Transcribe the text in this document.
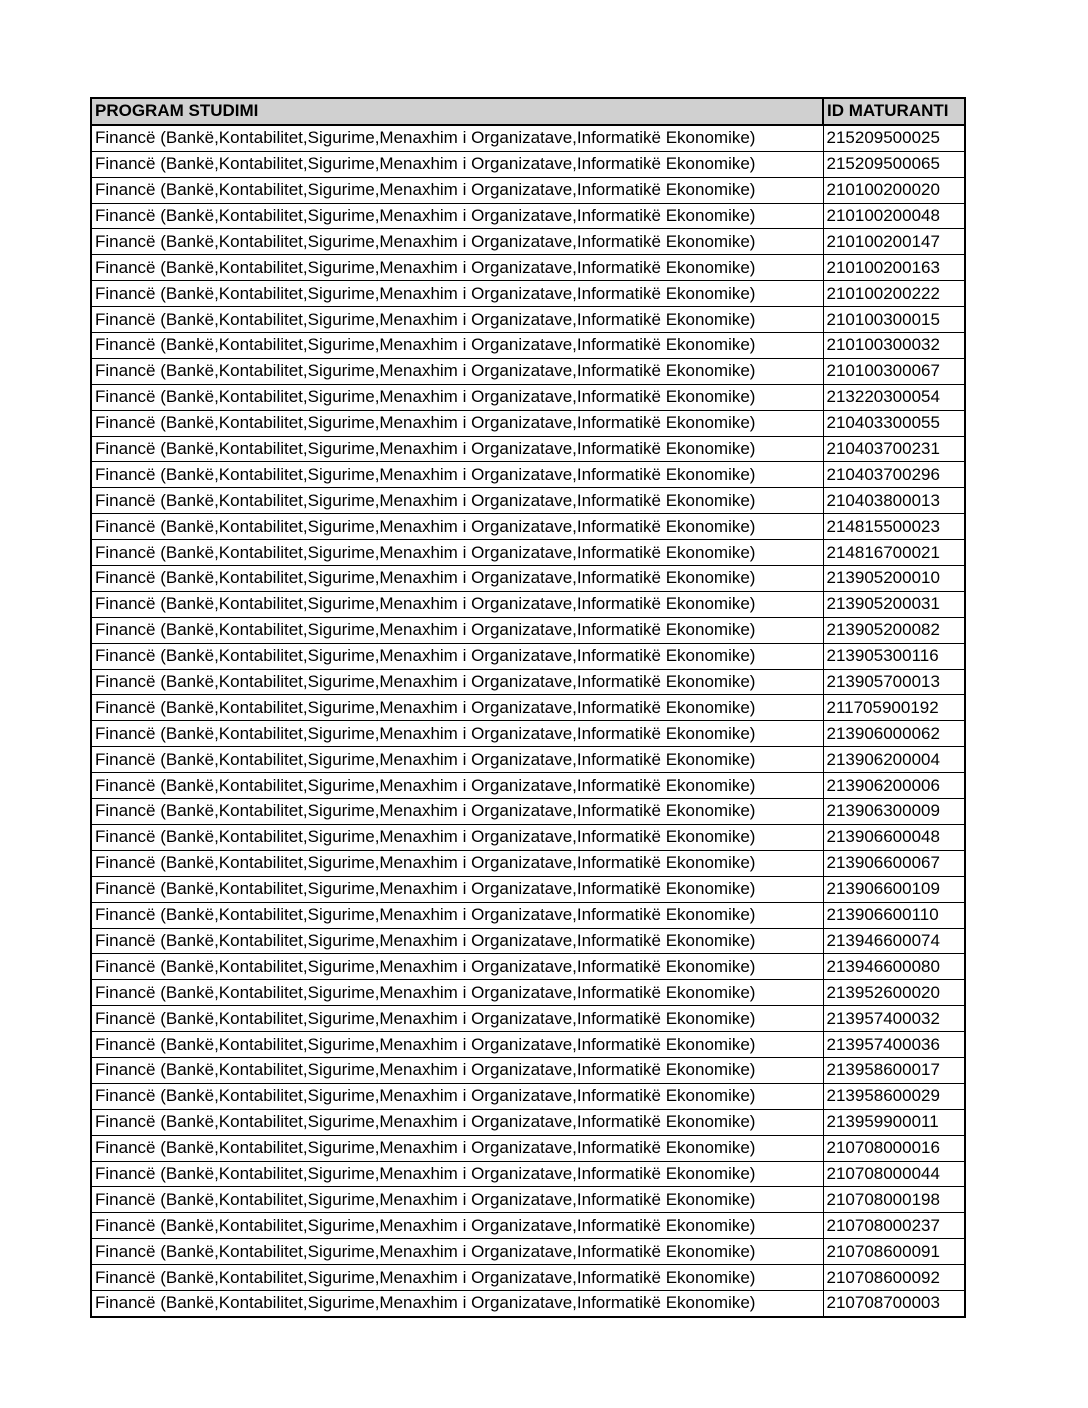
PROGRAM STUDIMI	ID MATURANTI
Financë (Bankë,Kontabilitet,Sigurime,Menaxhim i Organizatave,Informatikë Ekonomike)	215209500025
Financë (Bankë,Kontabilitet,Sigurime,Menaxhim i Organizatave,Informatikë Ekonomike)	215209500065
Financë (Bankë,Kontabilitet,Sigurime,Menaxhim i Organizatave,Informatikë Ekonomike)	210100200020
Financë (Bankë,Kontabilitet,Sigurime,Menaxhim i Organizatave,Informatikë Ekonomike)	210100200048
Financë (Bankë,Kontabilitet,Sigurime,Menaxhim i Organizatave,Informatikë Ekonomike)	210100200147
Financë (Bankë,Kontabilitet,Sigurime,Menaxhim i Organizatave,Informatikë Ekonomike)	210100200163
Financë (Bankë,Kontabilitet,Sigurime,Menaxhim i Organizatave,Informatikë Ekonomike)	210100200222
Financë (Bankë,Kontabilitet,Sigurime,Menaxhim i Organizatave,Informatikë Ekonomike)	210100300015
Financë (Bankë,Kontabilitet,Sigurime,Menaxhim i Organizatave,Informatikë Ekonomike)	210100300032
Financë (Bankë,Kontabilitet,Sigurime,Menaxhim i Organizatave,Informatikë Ekonomike)	210100300067
Financë (Bankë,Kontabilitet,Sigurime,Menaxhim i Organizatave,Informatikë Ekonomike)	213220300054
Financë (Bankë,Kontabilitet,Sigurime,Menaxhim i Organizatave,Informatikë Ekonomike)	210403300055
Financë (Bankë,Kontabilitet,Sigurime,Menaxhim i Organizatave,Informatikë Ekonomike)	210403700231
Financë (Bankë,Kontabilitet,Sigurime,Menaxhim i Organizatave,Informatikë Ekonomike)	210403700296
Financë (Bankë,Kontabilitet,Sigurime,Menaxhim i Organizatave,Informatikë Ekonomike)	210403800013
Financë (Bankë,Kontabilitet,Sigurime,Menaxhim i Organizatave,Informatikë Ekonomike)	214815500023
Financë (Bankë,Kontabilitet,Sigurime,Menaxhim i Organizatave,Informatikë Ekonomike)	214816700021
Financë (Bankë,Kontabilitet,Sigurime,Menaxhim i Organizatave,Informatikë Ekonomike)	213905200010
Financë (Bankë,Kontabilitet,Sigurime,Menaxhim i Organizatave,Informatikë Ekonomike)	213905200031
Financë (Bankë,Kontabilitet,Sigurime,Menaxhim i Organizatave,Informatikë Ekonomike)	213905200082
Financë (Bankë,Kontabilitet,Sigurime,Menaxhim i Organizatave,Informatikë Ekonomike)	213905300116
Financë (Bankë,Kontabilitet,Sigurime,Menaxhim i Organizatave,Informatikë Ekonomike)	213905700013
Financë (Bankë,Kontabilitet,Sigurime,Menaxhim i Organizatave,Informatikë Ekonomike)	211705900192
Financë (Bankë,Kontabilitet,Sigurime,Menaxhim i Organizatave,Informatikë Ekonomike)	213906000062
Financë (Bankë,Kontabilitet,Sigurime,Menaxhim i Organizatave,Informatikë Ekonomike)	213906200004
Financë (Bankë,Kontabilitet,Sigurime,Menaxhim i Organizatave,Informatikë Ekonomike)	213906200006
Financë (Bankë,Kontabilitet,Sigurime,Menaxhim i Organizatave,Informatikë Ekonomike)	213906300009
Financë (Bankë,Kontabilitet,Sigurime,Menaxhim i Organizatave,Informatikë Ekonomike)	213906600048
Financë (Bankë,Kontabilitet,Sigurime,Menaxhim i Organizatave,Informatikë Ekonomike)	213906600067
Financë (Bankë,Kontabilitet,Sigurime,Menaxhim i Organizatave,Informatikë Ekonomike)	213906600109
Financë (Bankë,Kontabilitet,Sigurime,Menaxhim i Organizatave,Informatikë Ekonomike)	213906600110
Financë (Bankë,Kontabilitet,Sigurime,Menaxhim i Organizatave,Informatikë Ekonomike)	213946600074
Financë (Bankë,Kontabilitet,Sigurime,Menaxhim i Organizatave,Informatikë Ekonomike)	213946600080
Financë (Bankë,Kontabilitet,Sigurime,Menaxhim i Organizatave,Informatikë Ekonomike)	213952600020
Financë (Bankë,Kontabilitet,Sigurime,Menaxhim i Organizatave,Informatikë Ekonomike)	213957400032
Financë (Bankë,Kontabilitet,Sigurime,Menaxhim i Organizatave,Informatikë Ekonomike)	213957400036
Financë (Bankë,Kontabilitet,Sigurime,Menaxhim i Organizatave,Informatikë Ekonomike)	213958600017
Financë (Bankë,Kontabilitet,Sigurime,Menaxhim i Organizatave,Informatikë Ekonomike)	213958600029
Financë (Bankë,Kontabilitet,Sigurime,Menaxhim i Organizatave,Informatikë Ekonomike)	213959900011
Financë (Bankë,Kontabilitet,Sigurime,Menaxhim i Organizatave,Informatikë Ekonomike)	210708000016
Financë (Bankë,Kontabilitet,Sigurime,Menaxhim i Organizatave,Informatikë Ekonomike)	210708000044
Financë (Bankë,Kontabilitet,Sigurime,Menaxhim i Organizatave,Informatikë Ekonomike)	210708000198
Financë (Bankë,Kontabilitet,Sigurime,Menaxhim i Organizatave,Informatikë Ekonomike)	210708000237
Financë (Bankë,Kontabilitet,Sigurime,Menaxhim i Organizatave,Informatikë Ekonomike)	210708600091
Financë (Bankë,Kontabilitet,Sigurime,Menaxhim i Organizatave,Informatikë Ekonomike)	210708600092
Financë (Bankë,Kontabilitet,Sigurime,Menaxhim i Organizatave,Informatikë Ekonomike)	210708700003
